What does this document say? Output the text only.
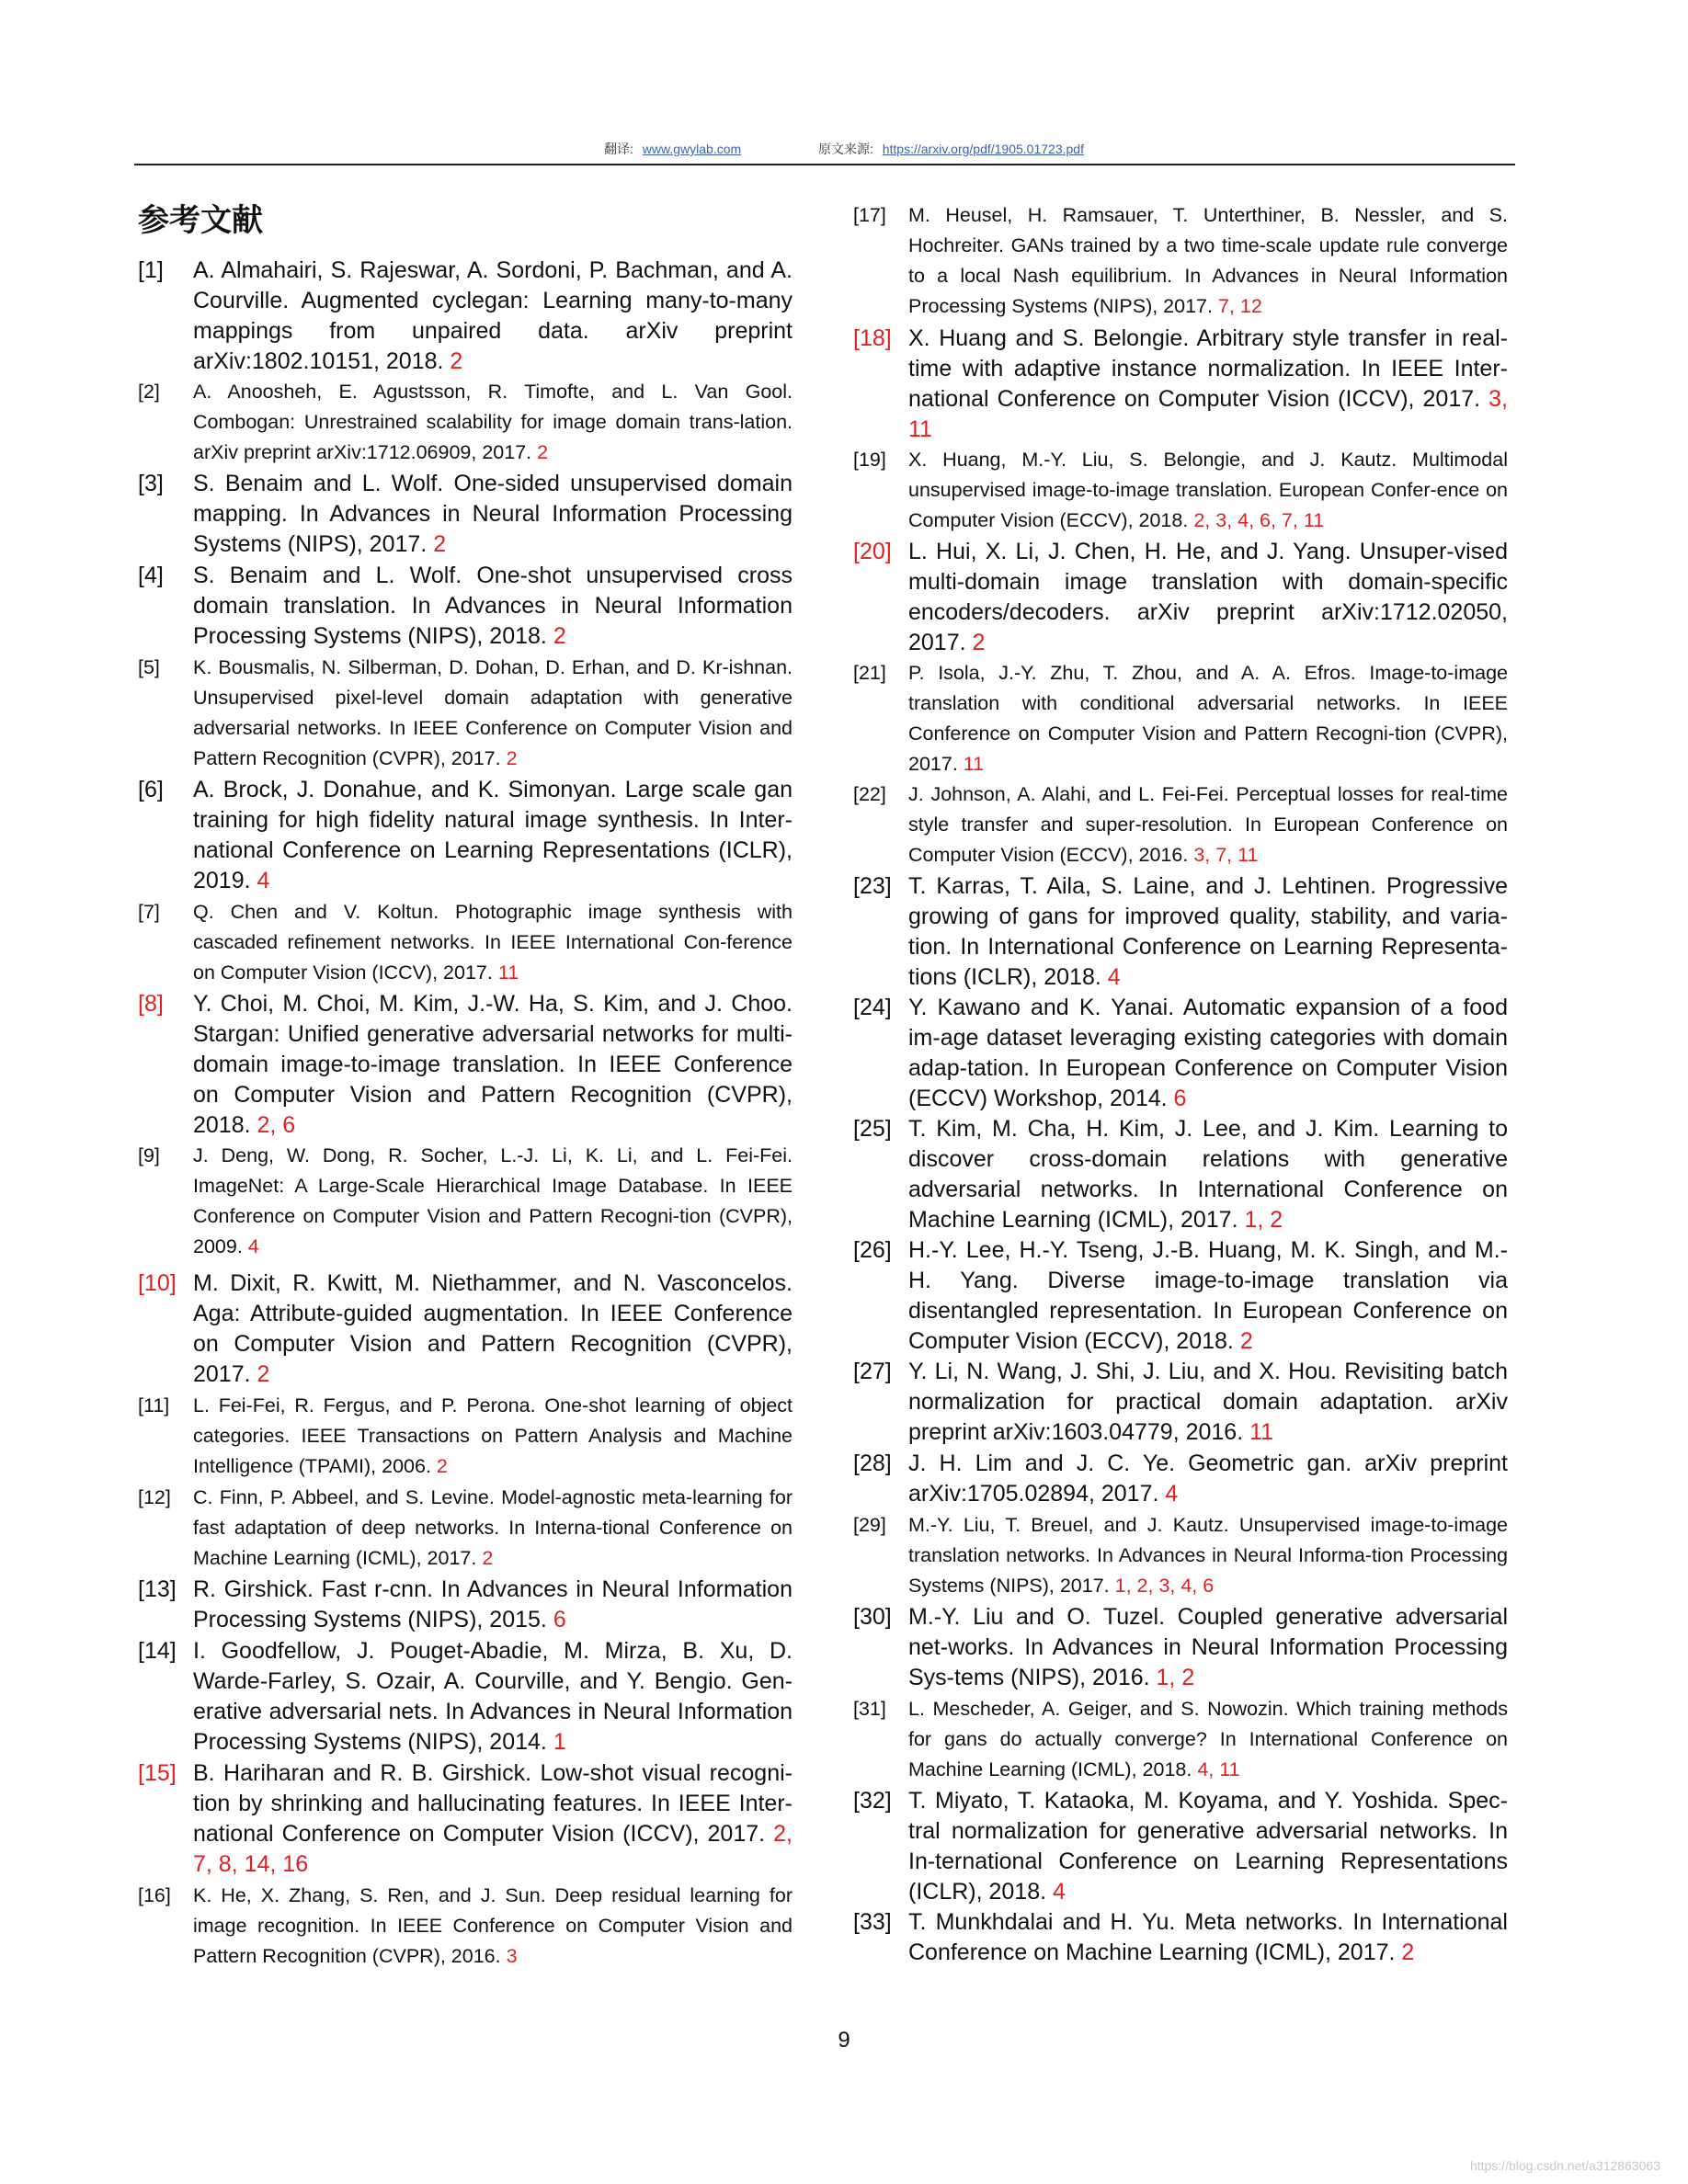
翻译: www.gwylab.com	原文来源: https://arxiv.org/pdf/1905.01723.pdf
参考文献
[1] A. Almahairi, S. Rajeswar, A. Sordoni, P. Bachman, and A. Courville. Augmented cyclegan: Learning many-to-many mappings from unpaired data. arXiv preprint arXiv:1802.10151, 2018. 2
[2] A. Anoosheh, E. Agustsson, R. Timofte, and L. Van Gool. Combogan: Unrestrained scalability for image domain trans-lation. arXiv preprint arXiv:1712.06909, 2017. 2
[3] S. Benaim and L. Wolf. One-sided unsupervised domain mapping. In Advances in Neural Information Processing Systems (NIPS), 2017. 2
[4] S. Benaim and L. Wolf. One-shot unsupervised cross domain translation. In Advances in Neural Information Processing Systems (NIPS), 2018. 2
[5] K. Bousmalis, N. Silberman, D. Dohan, D. Erhan, and D. Kr-ishnan. Unsupervised pixel-level domain adaptation with generative adversarial networks. In IEEE Conference on Computer Vision and Pattern Recognition (CVPR), 2017. 2
[6] A. Brock, J. Donahue, and K. Simonyan. Large scale gan training for high fidelity natural image synthesis. In Inter-national Conference on Learning Representations (ICLR), 2019. 4
[7] Q. Chen and V. Koltun. Photographic image synthesis with cascaded refinement networks. In IEEE International Con-ference on Computer Vision (ICCV), 2017. 11
[8] Y. Choi, M. Choi, M. Kim, J.-W. Ha, S. Kim, and J. Choo. Stargan: Unified generative adversarial networks for multi-domain image-to-image translation. In IEEE Conference on Computer Vision and Pattern Recognition (CVPR), 2018. 2, 6
[9] J. Deng, W. Dong, R. Socher, L.-J. Li, K. Li, and L. Fei-Fei. ImageNet: A Large-Scale Hierarchical Image Database. In IEEE Conference on Computer Vision and Pattern Recogni-tion (CVPR), 2009. 4
[10] M. Dixit, R. Kwitt, M. Niethammer, and N. Vasconcelos. Aga: Attribute-guided augmentation. In IEEE Conference on Computer Vision and Pattern Recognition (CVPR), 2017. 2
[11] L. Fei-Fei, R. Fergus, and P. Perona. One-shot learning of object categories. IEEE Transactions on Pattern Analysis and Machine Intelligence (TPAMI), 2006. 2
[12] C. Finn, P. Abbeel, and S. Levine. Model-agnostic meta-learning for fast adaptation of deep networks. In Interna-tional Conference on Machine Learning (ICML), 2017. 2
[13] R. Girshick. Fast r-cnn. In Advances in Neural Information Processing Systems (NIPS), 2015. 6
[14] I. Goodfellow, J. Pouget-Abadie, M. Mirza, B. Xu, D. Warde-Farley, S. Ozair, A. Courville, and Y. Bengio. Gen-erative adversarial nets. In Advances in Neural Information Processing Systems (NIPS), 2014. 1
[15] B. Hariharan and R. B. Girshick. Low-shot visual recogni-tion by shrinking and hallucinating features. In IEEE Inter-national Conference on Computer Vision (ICCV), 2017. 2, 7, 8, 14, 16
[16] K. He, X. Zhang, S. Ren, and J. Sun. Deep residual learning for image recognition. In IEEE Conference on Computer Vision and Pattern Recognition (CVPR), 2016. 3
[17] M. Heusel, H. Ramsauer, T. Unterthiner, B. Nessler, and S. Hochreiter. GANs trained by a two time-scale update rule converge to a local Nash equilibrium. In Advances in Neural Information Processing Systems (NIPS), 2017. 7, 12
[18] X. Huang and S. Belongie. Arbitrary style transfer in real-time with adaptive instance normalization. In IEEE Inter-national Conference on Computer Vision (ICCV), 2017. 3, 11
[19] X. Huang, M.-Y. Liu, S. Belongie, and J. Kautz. Multimodal unsupervised image-to-image translation. European Confer-ence on Computer Vision (ECCV), 2018. 2, 3, 4, 6, 7, 11
[20] L. Hui, X. Li, J. Chen, H. He, and J. Yang. Unsuper-vised multi-domain image translation with domain-specific encoders/decoders. arXiv preprint arXiv:1712.02050, 2017. 2
[21] P. Isola, J.-Y. Zhu, T. Zhou, and A. A. Efros. Image-to-image translation with conditional adversarial networks. In IEEE Conference on Computer Vision and Pattern Recogni-tion (CVPR), 2017. 11
[22] J. Johnson, A. Alahi, and L. Fei-Fei. Perceptual losses for real-time style transfer and super-resolution. In European Conference on Computer Vision (ECCV), 2016. 3, 7, 11
[23] T. Karras, T. Aila, S. Laine, and J. Lehtinen. Progressive growing of gans for improved quality, stability, and varia-tion. In International Conference on Learning Representa-tions (ICLR), 2018. 4
[24] Y. Kawano and K. Yanai. Automatic expansion of a food im-age dataset leveraging existing categories with domain adap-tation. In European Conference on Computer Vision (ECCV) Workshop, 2014. 6
[25] T. Kim, M. Cha, H. Kim, J. Lee, and J. Kim. Learning to discover cross-domain relations with generative adversarial networks. In International Conference on Machine Learning (ICML), 2017. 1, 2
[26] H.-Y. Lee, H.-Y. Tseng, J.-B. Huang, M. K. Singh, and M.-H. Yang. Diverse image-to-image translation via disentangled representation. In European Conference on Computer Vision (ECCV), 2018. 2
[27] Y. Li, N. Wang, J. Shi, J. Liu, and X. Hou. Revisiting batch normalization for practical domain adaptation. arXiv preprint arXiv:1603.04779, 2016. 11
[28] J. H. Lim and J. C. Ye. Geometric gan. arXiv preprint arXiv:1705.02894, 2017. 4
[29] M.-Y. Liu, T. Breuel, and J. Kautz. Unsupervised image-to-image translation networks. In Advances in Neural Informa-tion Processing Systems (NIPS), 2017. 1, 2, 3, 4, 6
[30] M.-Y. Liu and O. Tuzel. Coupled generative adversarial net-works. In Advances in Neural Information Processing Sys-tems (NIPS), 2016. 1, 2
[31] L. Mescheder, A. Geiger, and S. Nowozin. Which training methods for gans do actually converge? In International Conference on Machine Learning (ICML), 2018. 4, 11
[32] T. Miyato, T. Kataoka, M. Koyama, and Y. Yoshida. Spec-tral normalization for generative adversarial networks. In In-ternational Conference on Learning Representations (ICLR), 2018. 4
[33] T. Munkhdalai and H. Yu. Meta networks. In International Conference on Machine Learning (ICML), 2017. 2
9
https://blog.csdn.net/a312863063
